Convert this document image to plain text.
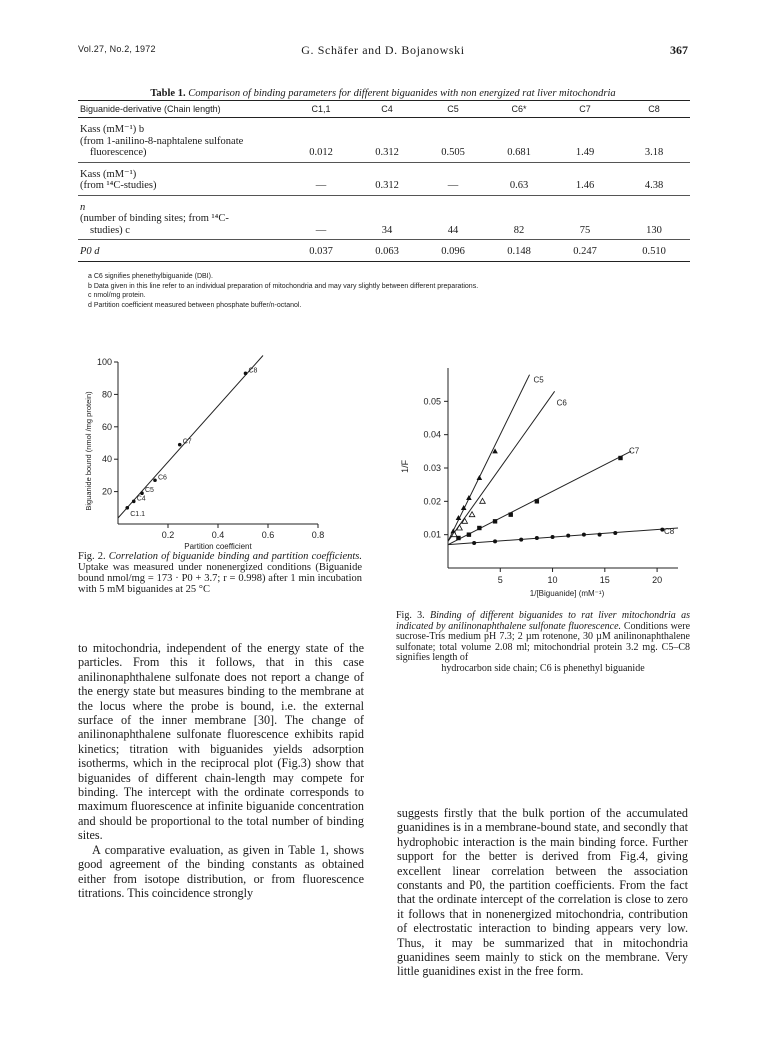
Vol.27, No.2, 1972	G. Schäfer and D. Bojanowski	367
Table 1. Comparison of binding parameters for different biguanides with non energized rat liver mitochondria
Biguanide-derivative (Chain length)	C1,1	C4	C5	C6*	C7	C8

Kass (mM⁻¹) b
(from 1-anilino-8-naphtalene sulfonate
fluorescence)	0.012	0.312	0.505	0.681	1.49	3.18

Kass (mM⁻¹)
(from ¹⁴C-studies)	—	0.312	—	0.63	1.46	4.38

n
(number of binding sites; from ¹⁴C-
studies) c	—	34	44	82	75	130

P0 d	0.037	0.063	0.096	0.148	0.247	0.510
a C6 signifies phenethylbiguanide (DBI).
b Data given in this line refer to an individual preparation of mitochondria and may vary slightly between different preparations.
c nmol/mg protein.
d Partition coefficient measured between phosphate buffer/n-octanol.
0.2	0.4	0.6	0.8
20
40
60
80
100
Partition coefficient
Biguanide bound (nmol /mg protein)
C1.1
C4
C5
C6
C7
C8
Fig. 2. Correlation of biguanide binding and partition coefficients. Uptake was measured under nonenergized conditions (Biguanide bound nmol/mg = 173 · P0 + 3.7; r = 0.998) after 1 min incubation with 5 mM biguanides at 25 °C
5	10	15	20
0.01
0.02
0.03
0.04
0.05
1/[Biguanide] (mM⁻¹)
1/F
C5
C6
C7
C8
Fig. 3. Binding of different biguanides to rat liver mitochondria as indicated by anilinonaphthalene sulfonate fluorescence. Conditions were sucrose-Tris medium pH 7.3; 2 µm rotenone, 30 µM anilinonaphthalene sulfonate; total volume 2.08 ml; mitochondrial protein 3.2 mg. C5–C8 signifies length of
hydrocarbon side chain; C6 is phenethyl biguanide

to mitochondria, independent of the energy state of the particles. From this it follows, that in this case anilinonaphthalene sulfonate does not report a change of the energy state but measures binding to the membrane at the locus where the probe is bound, i.e. the external surface of the inner membrane [30]. The change of anilinonaphthalene sulfonate fluorescence exhibits rapid kinetics; titration with biguanides yields adsorption isotherms, which in the reciprocal plot (Fig.3) show that biguanides of different chain-length may compete for binding. The intercept with the ordinate corresponds to maximum fluorescence at infinite biguanide concentration and should be proportional to the total number of binding sites.

A comparative evaluation, as given in Table 1, shows good agreement of the binding constants as obtained either from isotope distribution, or from fluorescence titrations. This coincidence strongly

suggests firstly that the bulk portion of the accumulated guanidines is in a membrane-bound state, and secondly that hydrophobic interaction is the main binding force. Further support for the better is derived from Fig.4, giving excellent linear correlation between the association constants and P0, the partition coefficients. From the fact that the ordinate intercept of the correlation is close to zero it follows that in nonenergized mitochondria, contribution of electrostatic interaction to binding appears very low. Thus, it may be summarized that in mitochondria guanidines seem mainly to stick on the membrane. Very little guanidines exist in the free form.
